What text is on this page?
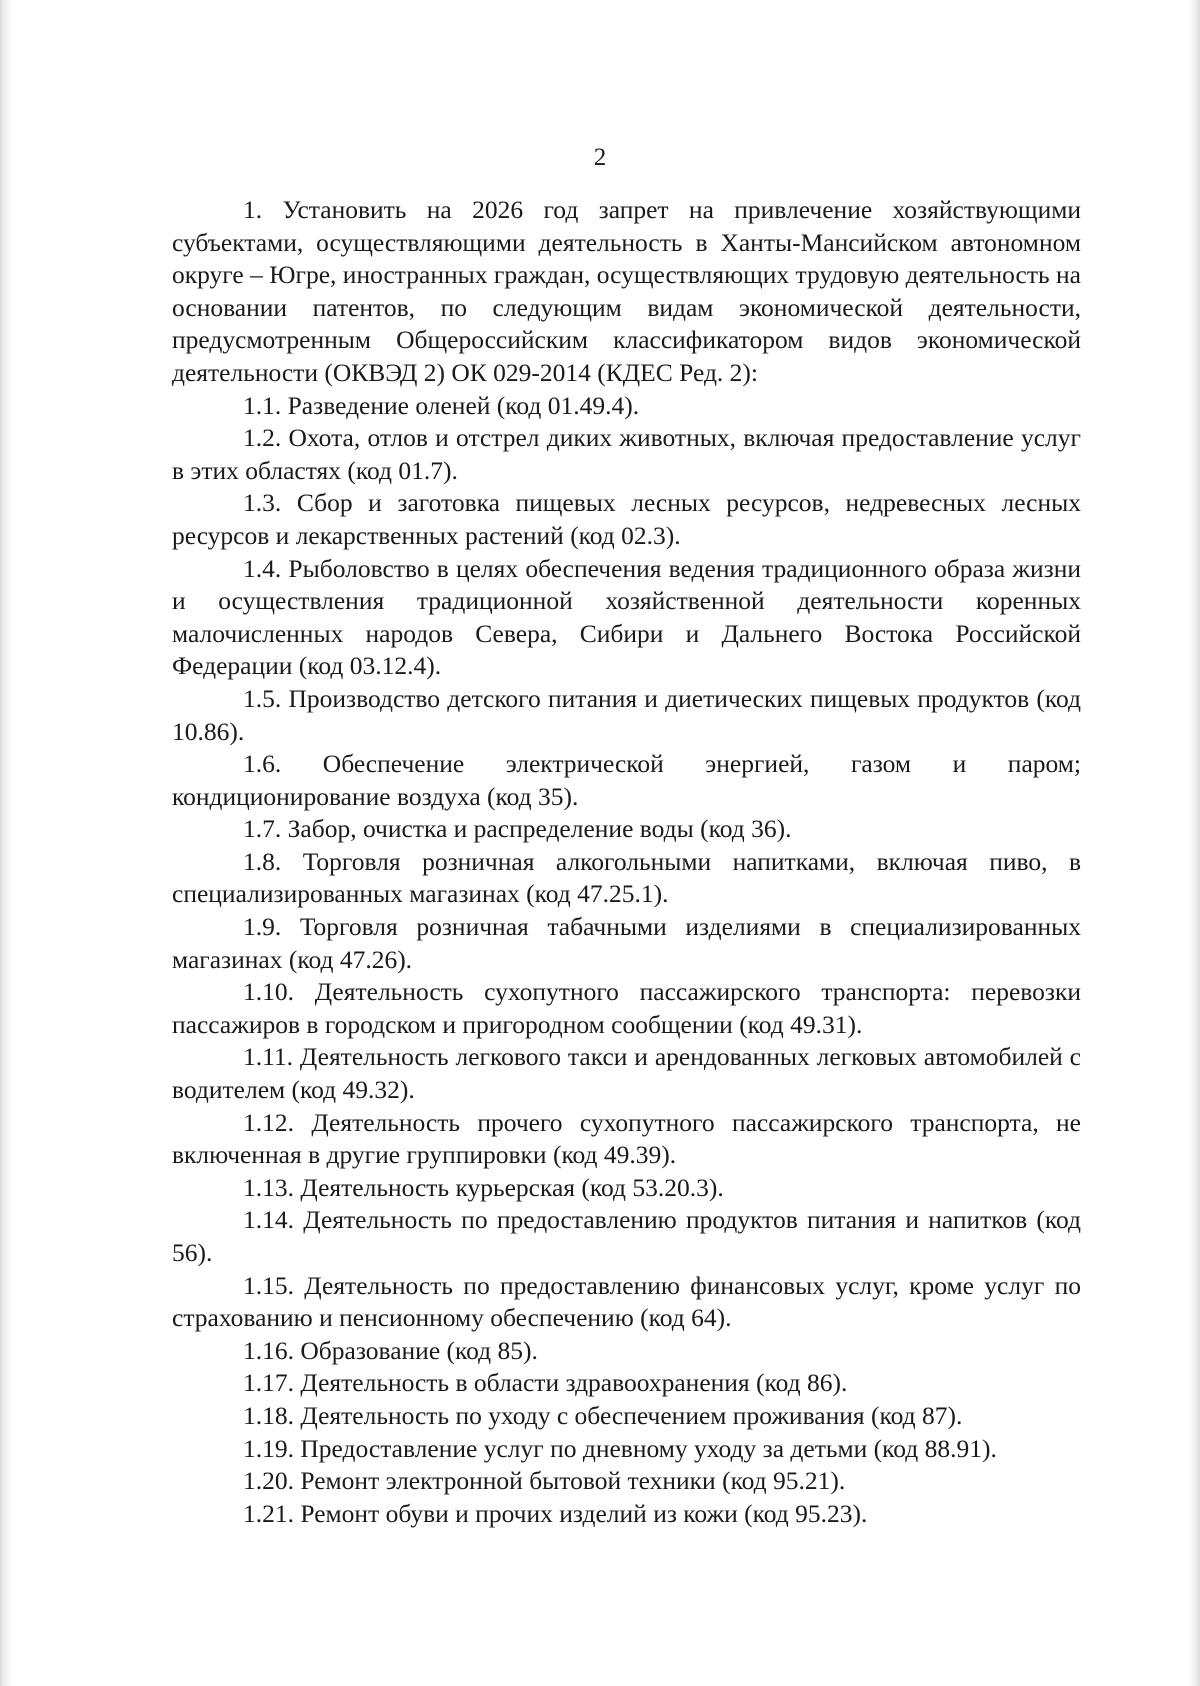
2

1. Установить на 2026 год запрет на привлечение хозяйствующими субъектами, осуществляющими деятельность в Ханты-Мансийском автономном округе – Югре, иностранных граждан, осуществляющих трудовую деятельность на основании патентов, по следующим видам экономической деятельности, предусмотренным Общероссийским классификатором видов экономической деятельности (ОКВЭД 2) ОК 029-2014 (КДЕС Ред. 2):

1.1. Разведение оленей (код 01.49.4).

1.2. Охота, отлов и отстрел диких животных, включая предоставление услуг в этих областях (код 01.7).

1.3. Сбор и заготовка пищевых лесных ресурсов, недревесных лесных ресурсов и лекарственных растений (код 02.3).

1.4. Рыболовство в целях обеспечения ведения традиционного образа жизни и осуществления традиционной хозяйственной деятельности коренных малочисленных народов Севера, Сибири и Дальнего Востока Российской Федерации (код 03.12.4).

1.5. Производство детского питания и диетических пищевых продуктов (код 10.86).

1.6. Обеспечение электрической энергией, газом и паром; кондиционирование воздуха (код 35).

1.7. Забор, очистка и распределение воды (код 36).

1.8. Торговля розничная алкогольными напитками, включая пиво, в специализированных магазинах (код 47.25.1).

1.9. Торговля розничная табачными изделиями в специализированных магазинах (код 47.26).

1.10. Деятельность сухопутного пассажирского транспорта: перевозки пассажиров в городском и пригородном сообщении (код 49.31).

1.11. Деятельность легкового такси и арендованных легковых автомобилей с водителем (код 49.32).

1.12. Деятельность прочего сухопутного пассажирского транспорта, не включенная в другие группировки (код 49.39).

1.13. Деятельность курьерская (код 53.20.3).

1.14. Деятельность по предоставлению продуктов питания и напитков (код 56).

1.15. Деятельность по предоставлению финансовых услуг, кроме услуг по страхованию и пенсионному обеспечению (код 64).

1.16. Образование (код 85).

1.17. Деятельность в области здравоохранения (код 86).

1.18. Деятельность по уходу с обеспечением проживания (код 87).

1.19. Предоставление услуг по дневному уходу за детьми (код 88.91).

1.20. Ремонт электронной бытовой техники (код 95.21).

1.21. Ремонт обуви и прочих изделий из кожи (код 95.23).
